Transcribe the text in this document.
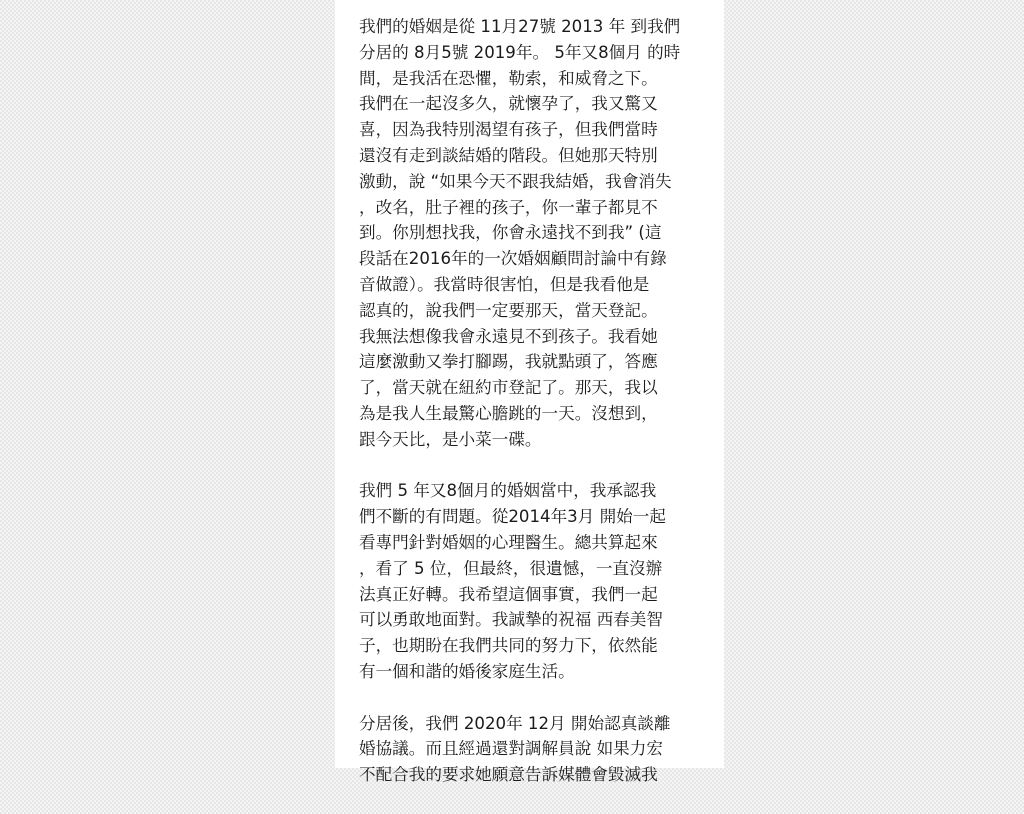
我們的婚姻是從 11月27號 2013 年 到我們
分居的 8月5號 2019年。 5年又8個月 的時
間，是我活在恐懼，勒索，和威脅之下。
我們在一起沒多久，就懷孕了，我又驚又
喜，因為我特別渴望有孩子，但我們當時
還沒有走到談結婚的階段。但她那天特別
激動，說 “如果今天不跟我結婚，我會消失
，改名，肚子裡的孩子，你一輩子都見不
到。你別想找我，你會永遠找不到我” (這
段話在2016年的一次婚姻顧問討論中有錄
音做證）。我當時很害怕，但是我看他是
認真的，說我們一定要那天，當天登記。
我無法想像我會永遠見不到孩子。我看她
這麼激動又拳打腳踢，我就點頭了，答應
了，當天就在紐約市登記了。那天，我以
為是我人生最驚心膽跳的一天。沒想到，
跟今天比，是小菜一碟。
我們 5 年又8個月的婚姻當中，我承認我
們不斷的有問題。從2014年3月 開始一起
看專門針對婚姻的心理醫生。總共算起來
，看了 5 位，但最終，很遺憾，一直沒辦
法真正好轉。我希望這個事實，我們一起
可以勇敢地面對。我誠摯的祝福 西春美智
子，也期盼在我們共同的努力下，依然能
有一個和諧的婚後家庭生活。
分居後，我們 2020年 12月 開始認真談離
婚協議。而且經過還對調解員說 如果力宏
不配合我的要求她願意告訴媒體會毀滅我
